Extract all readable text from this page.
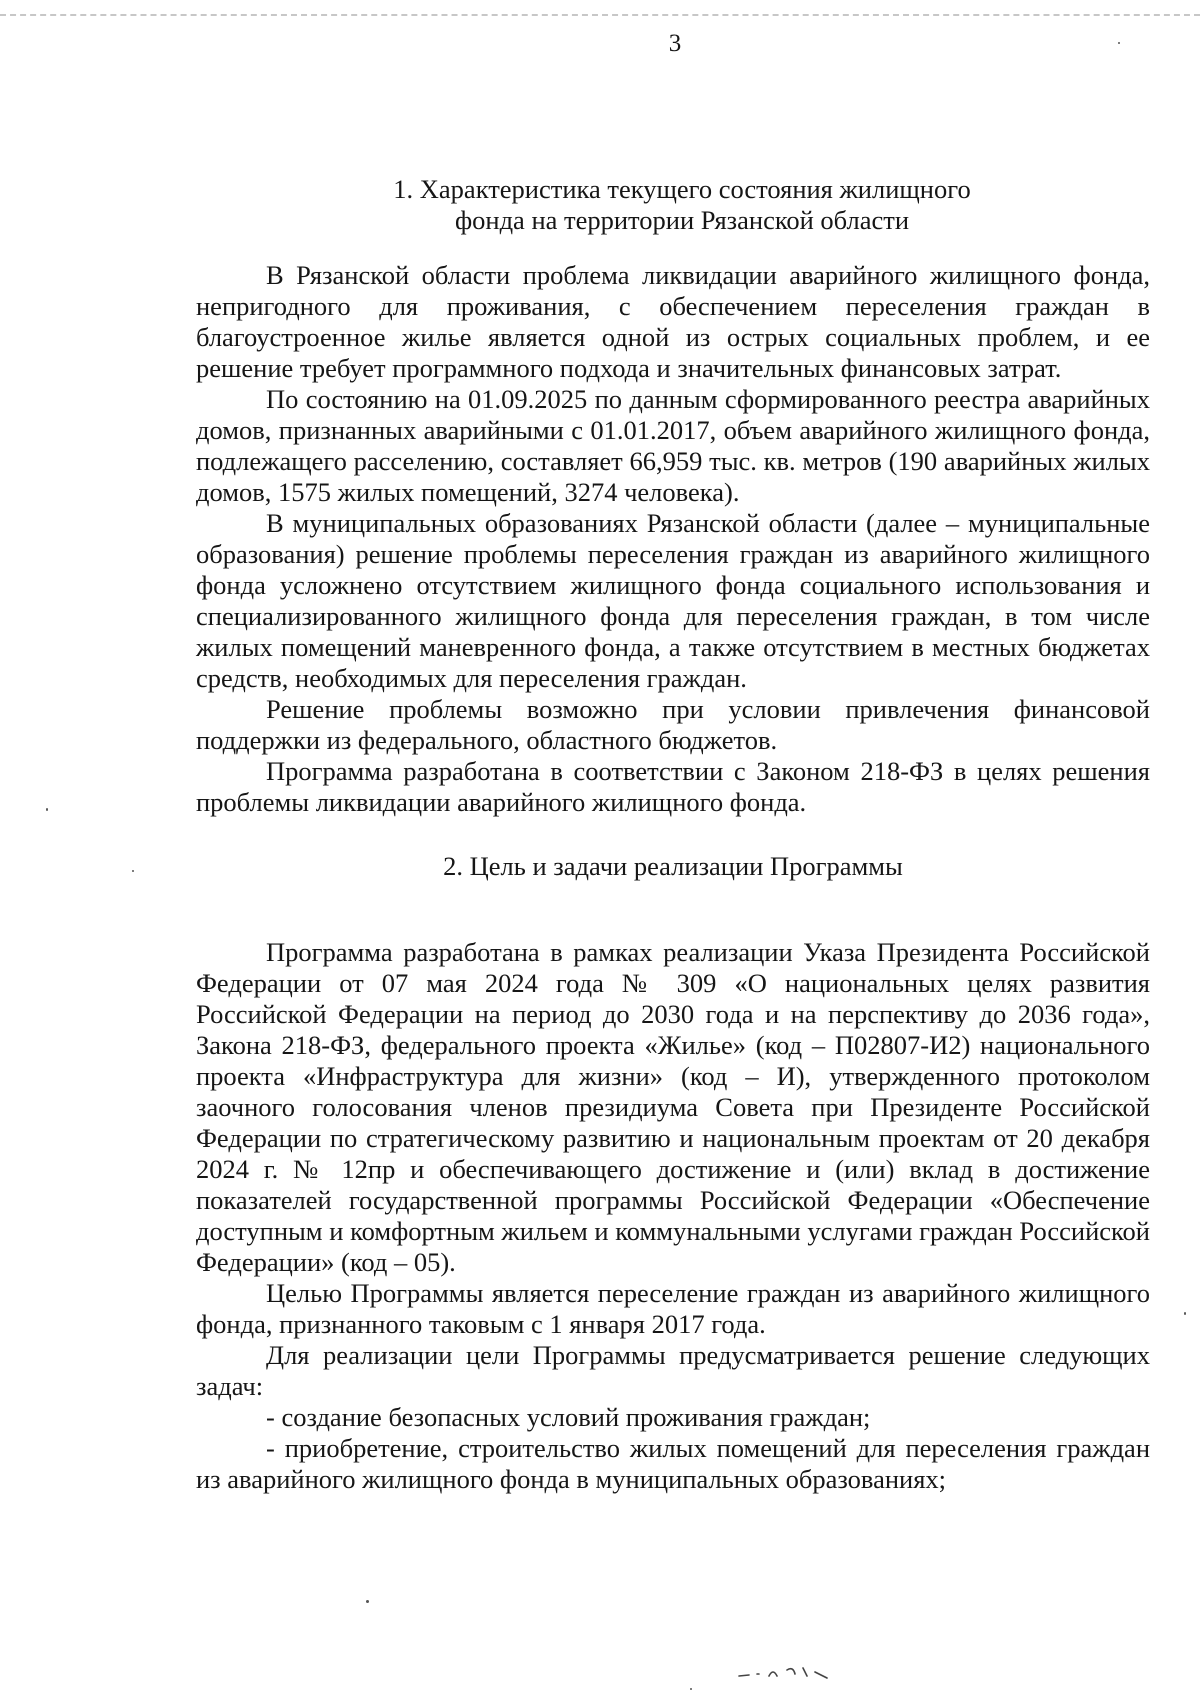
3
1. Характеристика текущего состояния жилищного
фонда на территории Рязанской области

В Рязанской области проблема ликвидации аварийного жилищного фонда, непригодного для проживания, с обеспечением переселения граждан в благоустроенное жилье является одной из острых социальных проблем, и ее решение требует программного подхода и значительных финансовых затрат.

По состоянию на 01.09.2025 по данным сформированного реестра аварийных домов, признанных аварийными с 01.01.2017, объем аварийного жилищного фонда, подлежащего расселению, составляет 66,959 тыс. кв. метров (190 аварийных жилых домов, 1575 жилых помещений, 3274 человека).

В муниципальных образованиях Рязанской области (далее – муниципальные образования) решение проблемы переселения граждан из аварийного жилищного фонда усложнено отсутствием жилищного фонда социального использования и специализированного жилищного фонда для переселения граждан, в том числе жилых помещений маневренного фонда, а также отсутствием в местных бюджетах средств, необходимых для переселения граждан.

Решение проблемы возможно при условии привлечения финансовой поддержки из федерального, областного бюджетов.

Программа разработана в соответствии с Законом 218-ФЗ в целях решения проблемы ликвидации аварийного жилищного фонда.

2. Цель и задачи реализации Программы

Программа разработана в рамках реализации Указа Президента Российской Федерации от 07 мая 2024 года № 309 «О национальных целях развития Российской Федерации на период до 2030 года и на перспективу до 2036 года», Закона 218-ФЗ, федерального проекта «Жилье» (код – П02807-И2) национального проекта «Инфраструктура для жизни» (код – И), утвержденного протоколом заочного голосования членов президиума Совета при Президенте Российской Федерации по стратегическому развитию и национальным проектам от 20 декабря 2024 г. № 12пр и обеспечивающего достижение и (или) вклад в достижение показателей государственной программы Российской Федерации «Обеспечение доступным и комфортным жильем и коммунальными услугами граждан Российской Федерации» (код – 05).

Целью Программы является переселение граждан из аварийного жилищного фонда, признанного таковым с 1 января 2017 года.

Для реализации цели Программы предусматривается решение следующих задач:

- создание безопасных условий проживания граждан;

- приобретение, строительство жилых помещений для переселения граждан из аварийного жилищного фонда в муниципальных образованиях;
